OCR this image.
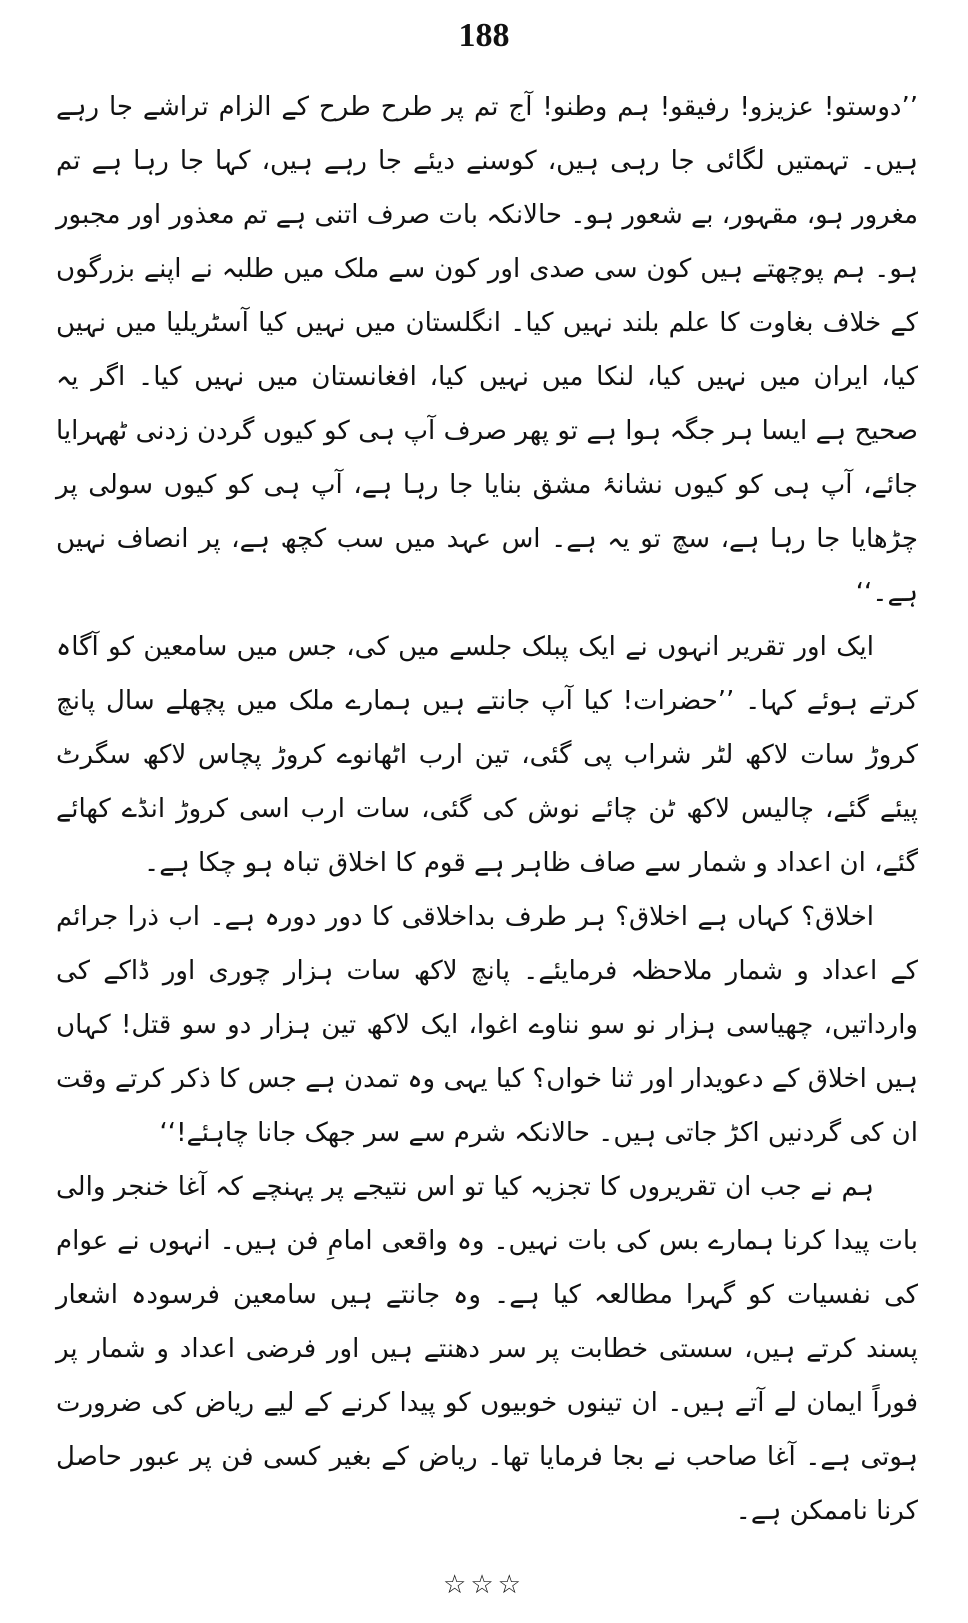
188

’’دوستو! عزیزو! رفیقو! ہم وطنو! آج تم پر طرح طرح کے الزام تراشے جا رہے ہیں۔ تہمتیں لگائی جا رہی ہیں، کوسنے دیئے جا رہے ہیں، کہا جا رہا ہے تم مغرور ہو، مقہور، بے شعور ہو۔ حالانکہ بات صرف اتنی ہے تم معذور اور مجبور ہو۔ ہم پوچھتے ہیں کون سی صدی اور کون سے ملک میں طلبہ نے اپنے بزرگوں کے خلاف بغاوت کا علم بلند نہیں کیا۔ انگلستان میں نہیں کیا آسٹریلیا میں نہیں کیا، ایران میں نہیں کیا، لنکا میں نہیں کیا، افغانستان میں نہیں کیا۔ اگر یہ صحیح ہے ایسا ہر جگہ ہوا ہے تو پھر صرف آپ ہی کو کیوں گردن زدنی ٹھہرایا جائے، آپ ہی کو کیوں نشانۂ مشق بنایا جا رہا ہے، آپ ہی کو کیوں سولی پر چڑھایا جا رہا ہے، سچ تو یہ ہے۔ اس عہد میں سب کچھ ہے، پر انصاف نہیں ہے۔‘‘

ایک اور تقریر انہوں نے ایک پبلک جلسے میں کی، جس میں سامعین کو آگاہ کرتے ہوئے کہا۔ ’’حضرات! کیا آپ جانتے ہیں ہمارے ملک میں پچھلے سال پانچ کروڑ سات لاکھ لٹر شراب پی گئی، تین ارب اٹھانوے کروڑ پچاس لاکھ سگرٹ پیئے گئے، چالیس لاکھ ٹن چائے نوش کی گئی، سات ارب اسی کروڑ انڈے کھائے گئے، ان اعداد و شمار سے صاف ظاہر ہے قوم کا اخلاق تباہ ہو چکا ہے۔

اخلاق؟ کہاں ہے اخلاق؟ ہر طرف بداخلاقی کا دور دورہ ہے۔ اب ذرا جرائم کے اعداد و شمار ملاحظہ فرمایئے۔ پانچ لاکھ سات ہزار چوری اور ڈاکے کی وارداتیں، چھیاسی ہزار نو سو نناوے اغوا، ایک لاکھ تین ہزار دو سو قتل! کہاں ہیں اخلاق کے دعویدار اور ثنا خواں؟ کیا یہی وہ تمدن ہے جس کا ذکر کرتے وقت ان کی گردنیں اکڑ جاتی ہیں۔ حالانکہ شرم سے سر جھک جانا چاہئے!‘‘

ہم نے جب ان تقریروں کا تجزیہ کیا تو اس نتیجے پر پہنچے کہ آغا خنجر والی بات پیدا کرنا ہمارے بس کی بات نہیں۔ وہ واقعی امامِ فن ہیں۔ انہوں نے عوام کی نفسیات کو گہرا مطالعہ کیا ہے۔ وہ جانتے ہیں سامعین فرسودہ اشعار پسند کرتے ہیں، سستی خطابت پر سر دھنتے ہیں اور فرضی اعداد و شمار پر فوراً ایمان لے آتے ہیں۔ ان تینوں خوبیوں کو پیدا کرنے کے لیے ریاض کی ضرورت ہوتی ہے۔ آغا صاحب نے بجا فرمایا تھا۔ ریاض کے بغیر کسی فن پر عبور حاصل کرنا ناممکن ہے۔

☆☆☆
